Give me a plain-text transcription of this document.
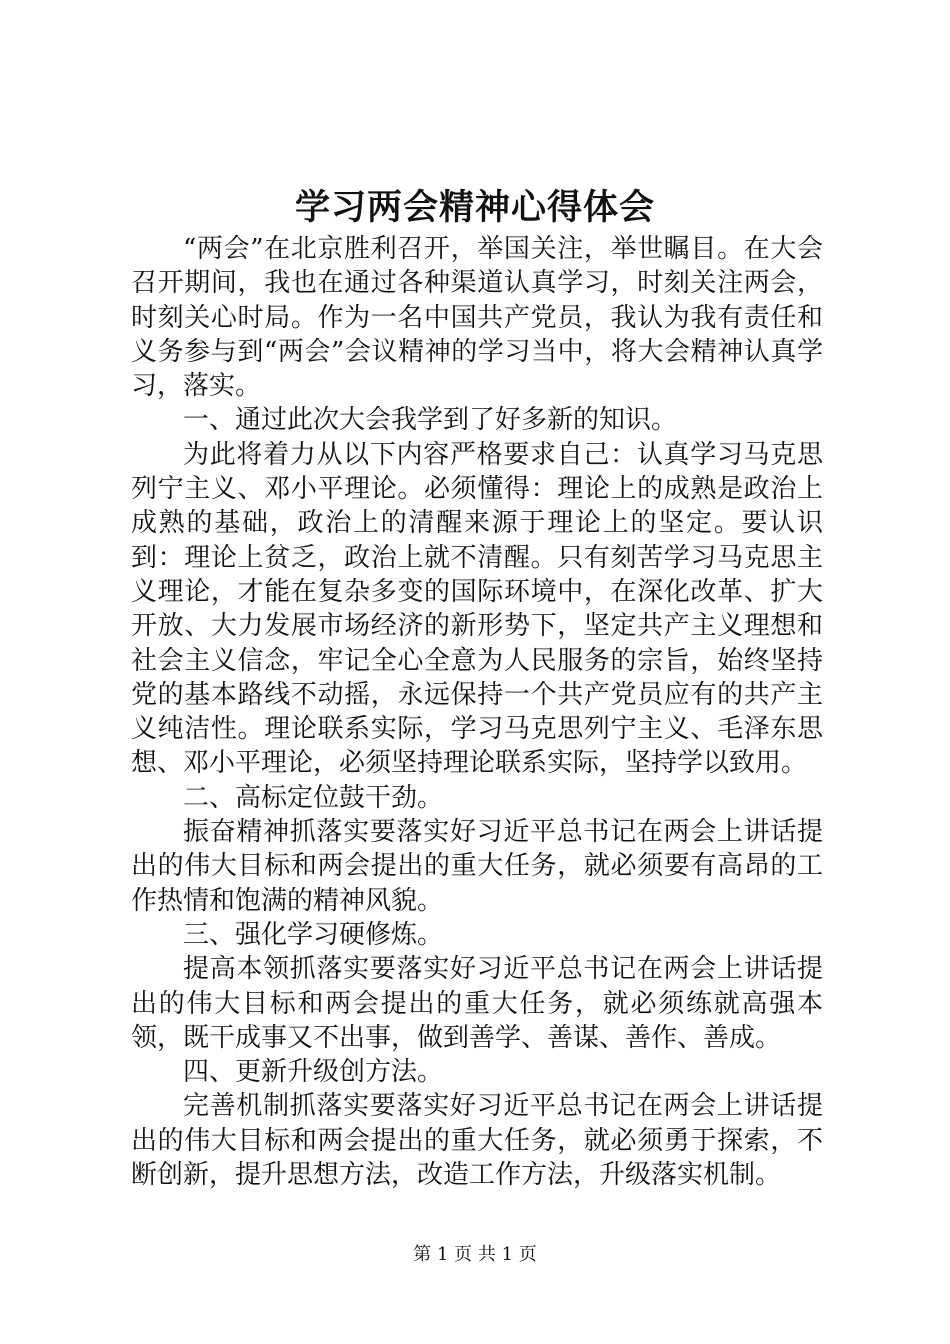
学习两会精神心得体会

“两会”在北京胜利召开，举国关注，举世瞩目。在大会召开期间，我也在通过各种渠道认真学习，时刻关注两会，时刻关心时局。作为一名中国共产党员，我认为我有责任和义务参与到“两会”会议精神的学习当中，将大会精神认真学习，落实。

一、通过此次大会我学到了好多新的知识。

为此将着力从以下内容严格要求自己：认真学习马克思列宁主义、邓小平理论。必须懂得：理论上的成熟是政治上成熟的基础，政治上的清醒来源于理论上的坚定。要认识到：理论上贫乏，政治上就不清醒。只有刻苦学习马克思主义理论，才能在复杂多变的国际环境中，在深化改革、扩大开放、大力发展市场经济的新形势下，坚定共产主义理想和社会主义信念，牢记全心全意为人民服务的宗旨，始终坚持党的基本路线不动摇，永远保持一个共产党员应有的共产主义纯洁性。理论联系实际，学习马克思列宁主义、毛泽东思想、邓小平理论，必须坚持理论联系实际，坚持学以致用。

二、高标定位鼓干劲。

振奋精神抓落实要落实好习近平总书记在两会上讲话提出的伟大目标和两会提出的重大任务，就必须要有高昂的工作热情和饱满的精神风貌。

三、强化学习硬修炼。

提高本领抓落实要落实好习近平总书记在两会上讲话提出的伟大目标和两会提出的重大任务，就必须练就高强本领，既干成事又不出事，做到善学、善谋、善作、善成。

四、更新升级创方法。

完善机制抓落实要落实好习近平总书记在两会上讲话提出的伟大目标和两会提出的重大任务，就必须勇于探索，不断创新，提升思想方法，改造工作方法，升级落实机制。

第 1 页 共 1 页
